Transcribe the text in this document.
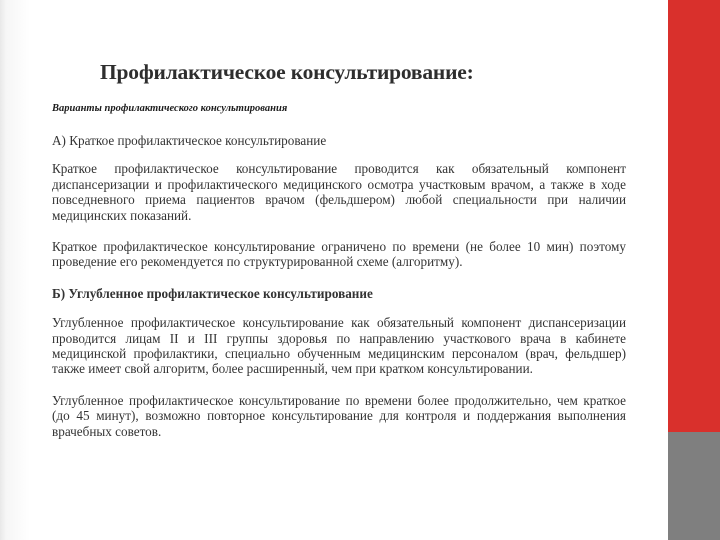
Профилактическое консультирование:
Варианты профилактического консультирования

А) Краткое профилактическое консультирование

Краткое профилактическое консультирование проводится как обязательный компонент диспансеризации и профилактического медицинского осмотра участковым врачом, а также в ходе повседневного приема пациентов врачом (фельдшером) любой специальности при наличии медицинских показаний.

Краткое профилактическое консультирование ограничено по времени (не более 10 мин) поэтому проведение его рекомендуется по структурированной схеме (алгоритму).

Б) Углубленное профилактическое консультирование

Углубленное профилактическое консультирование как обязательный компонент диспансеризации проводится лицам II и III группы здоровья по направлению участкового врача в кабинете медицинской профилактики, специально обученным медицинским персоналом (врач, фельдшер) также имеет свой алгоритм, более расширенный, чем при кратком консультировании.

Углубленное профилактическое консультирование по времени более продолжительно, чем краткое (до 45 минут), возможно повторное консультирование для контроля и поддержания выполнения врачебных советов.
